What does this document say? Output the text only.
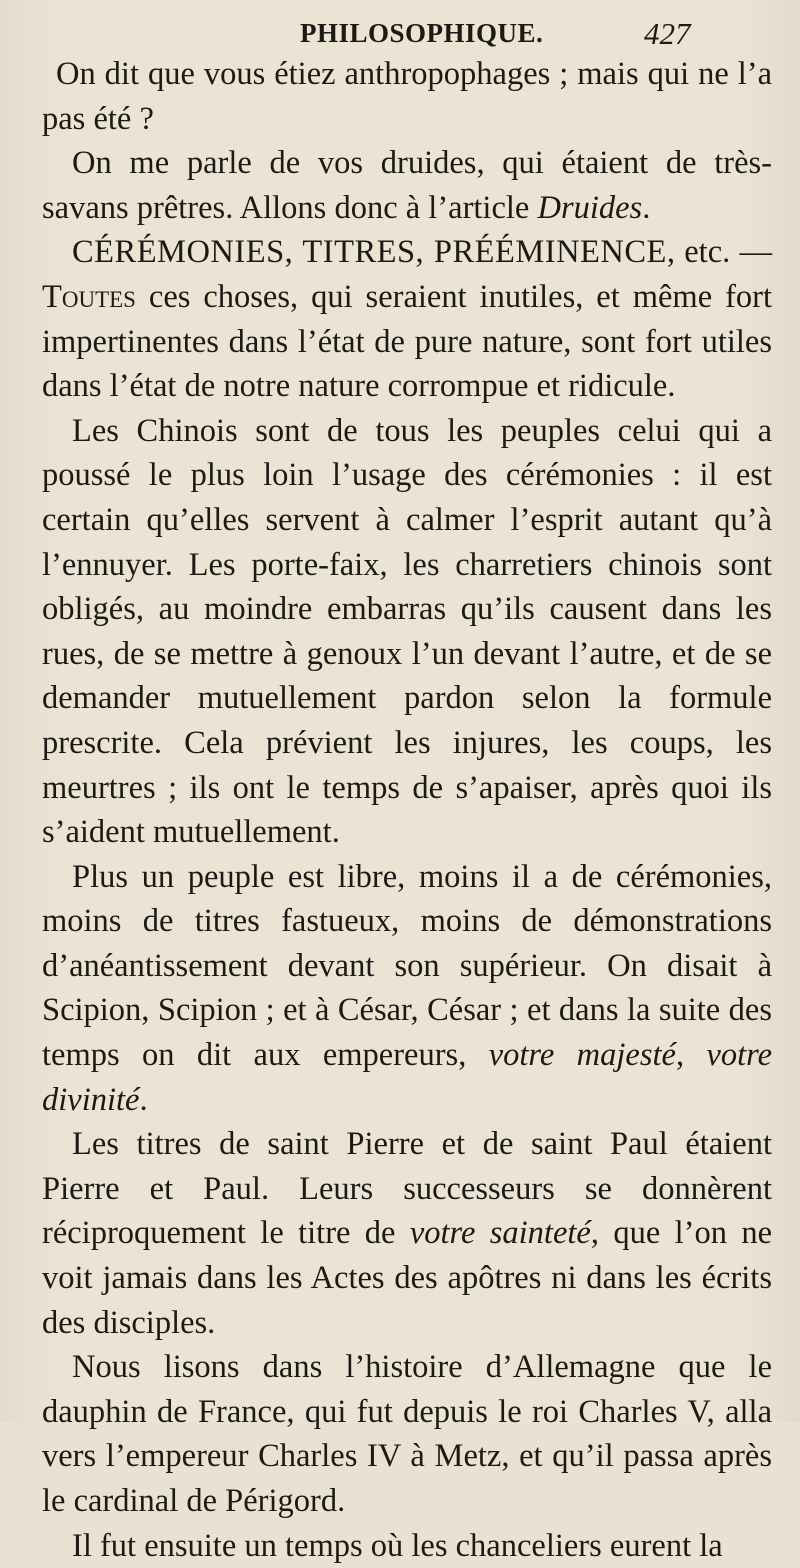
PHILOSOPHIQUE.	427

On dit que vous étiez anthropophages ; mais qui ne l’a pas été ?

On me parle de vos druides, qui étaient de très-savans prêtres. Allons donc à l’article Druides.

CÉRÉMONIES, TITRES, PRÉÉMINENCE, etc. — Toutes ces choses, qui seraient inutiles, et même fort impertinentes dans l’état de pure nature, sont fort utiles dans l’état de notre nature corrompue et ridicule.

Les Chinois sont de tous les peuples celui qui a poussé le plus loin l’usage des cérémonies : il est certain qu’elles servent à calmer l’esprit autant qu’à l’ennuyer. Les porte-faix, les charretiers chinois sont obligés, au moindre embarras qu’ils causent dans les rues, de se mettre à genoux l’un devant l’autre, et de se demander mutuellement pardon selon la formule prescrite. Cela prévient les injures, les coups, les meurtres ; ils ont le temps de s’apaiser, après quoi ils s’aident mutuellement.

Plus un peuple est libre, moins il a de cérémonies, moins de titres fastueux, moins de démonstrations d’anéantissement devant son supérieur. On disait à Scipion, Scipion ; et à César, César ; et dans la suite des temps on dit aux empereurs, votre majesté, votre divinité.

Les titres de saint Pierre et de saint Paul étaient Pierre et Paul. Leurs successeurs se donnèrent réciproquement le titre de votre sainteté, que l’on ne voit jamais dans les Actes des apôtres ni dans les écrits des disciples.

Nous lisons dans l’histoire d’Allemagne que le dauphin de France, qui fut depuis le roi Charles V, alla vers l’empereur Charles IV à Metz, et qu’il passa après le cardinal de Périgord.

Il fut ensuite un temps où les chanceliers eurent la
